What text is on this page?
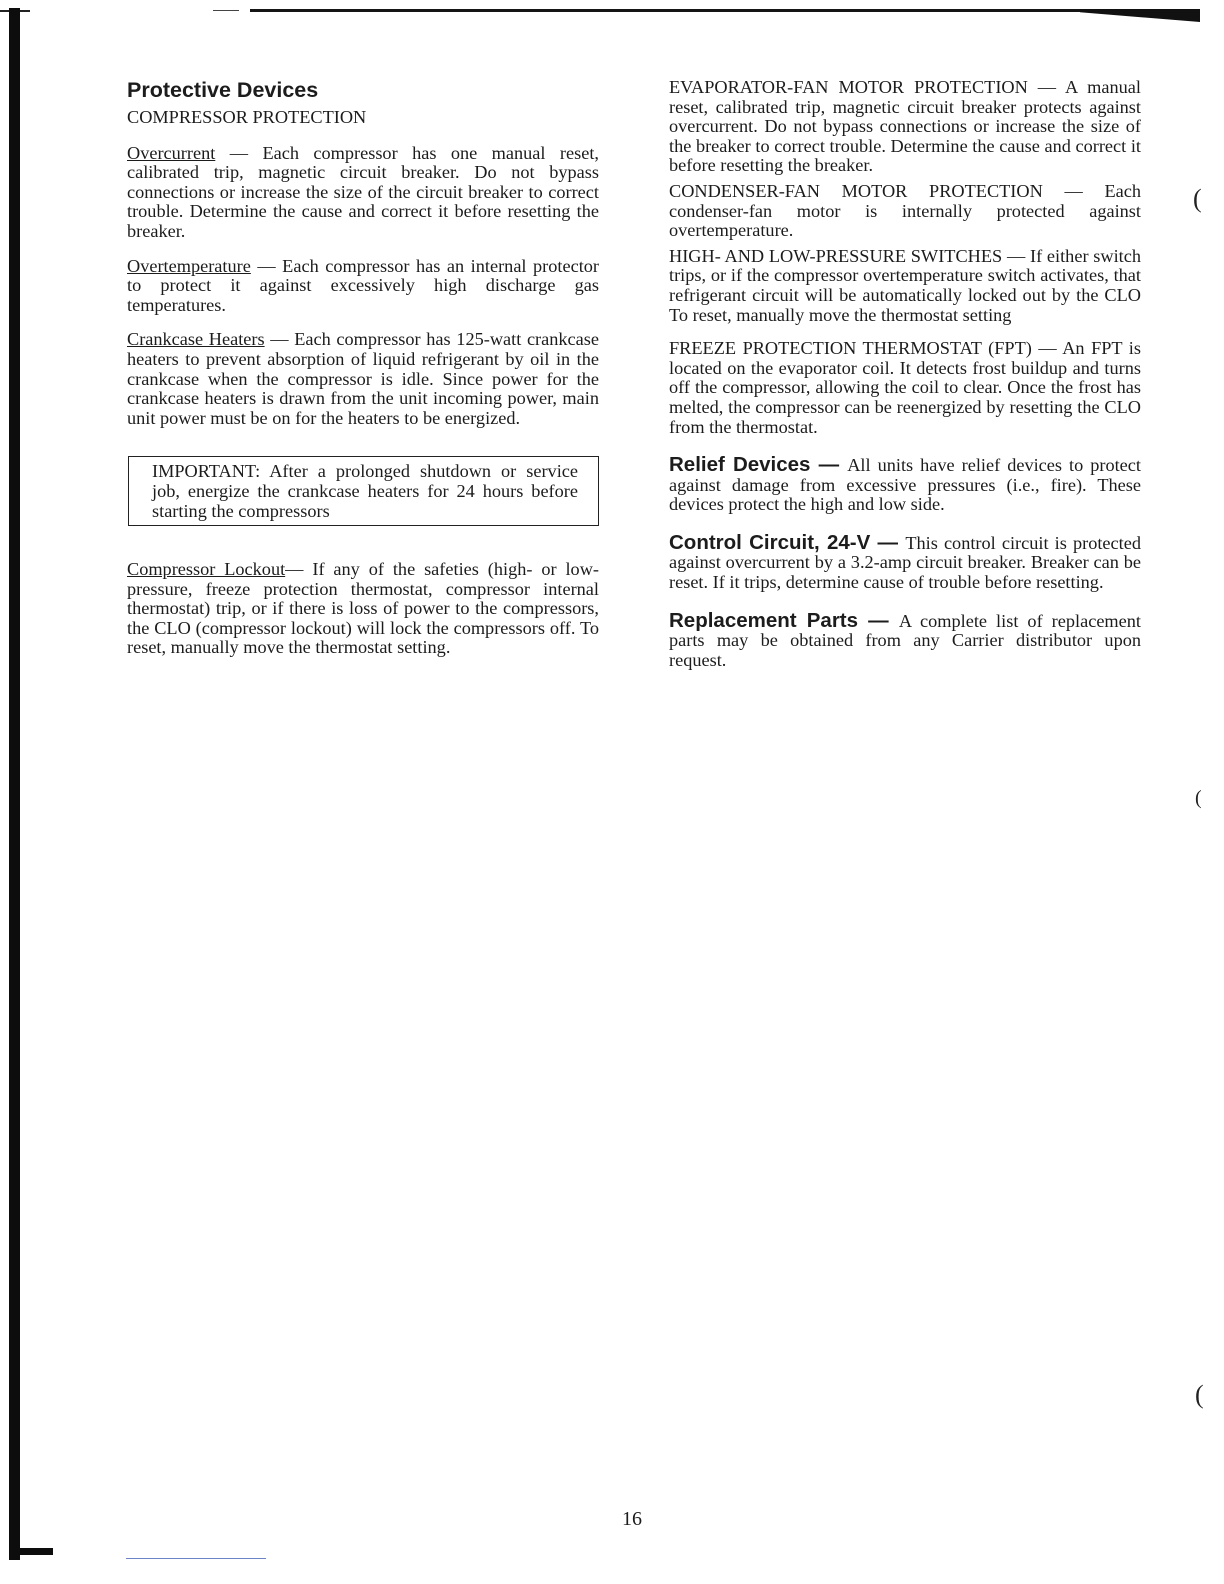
Protective Devices
COMPRESSOR PROTECTION

Overcurrent — Each compressor has one manual reset, calibrated trip, magnetic circuit breaker. Do not bypass connections or increase the size of the circuit breaker to correct trouble. Determine the cause and correct it before resetting the breaker.

Overtemperature — Each compressor has an internal protector to protect it against excessively high discharge gas temperatures.

Crankcase Heaters — Each compressor has 125-watt crankcase heaters to prevent absorption of liquid refrigerant by oil in the crankcase when the compressor is idle. Since power for the crankcase heaters is drawn from the unit incoming power, main unit power must be on for the heaters to be energized.

IMPORTANT: After a prolonged shutdown or service job, energize the crankcase heaters for 24 hours before starting the compressors

Compressor Lockout— If any of the safeties (high- or low-pressure, freeze protection thermostat, compressor internal thermostat) trip, or if there is loss of power to the compressors, the CLO (compressor lockout) will lock the compressors off. To reset, manually move the thermostat setting.

EVAPORATOR-FAN MOTOR PROTECTION — A manual reset, calibrated trip, magnetic circuit breaker protects against overcurrent. Do not bypass connections or increase the size of the breaker to correct trouble. Determine the cause and correct it before resetting the breaker.

CONDENSER-FAN MOTOR PROTECTION — Each condenser-fan motor is internally protected against overtemperature.

HIGH- AND LOW-PRESSURE SWITCHES — If either switch trips, or if the compressor overtemperature switch activates, that refrigerant circuit will be automatically locked out by the CLO To reset, manually move the thermostat setting

FREEZE PROTECTION THERMOSTAT (FPT) — An FPT is located on the evaporator coil. It detects frost buildup and turns off the compressor, allowing the coil to clear. Once the frost has melted, the compressor can be reenergized by resetting the CLO from the thermostat.

Relief Devices — All units have relief devices to protect against damage from excessive pressures (i.e., fire). These devices protect the high and low side.

Control Circuit, 24-V — This control circuit is protected against overcurrent by a 3.2-amp circuit breaker. Breaker can be reset. If it trips, determine cause of trouble before resetting.

Replacement Parts — A complete list of replacement parts may be obtained from any Carrier distributor upon request.

(
(
(
16
